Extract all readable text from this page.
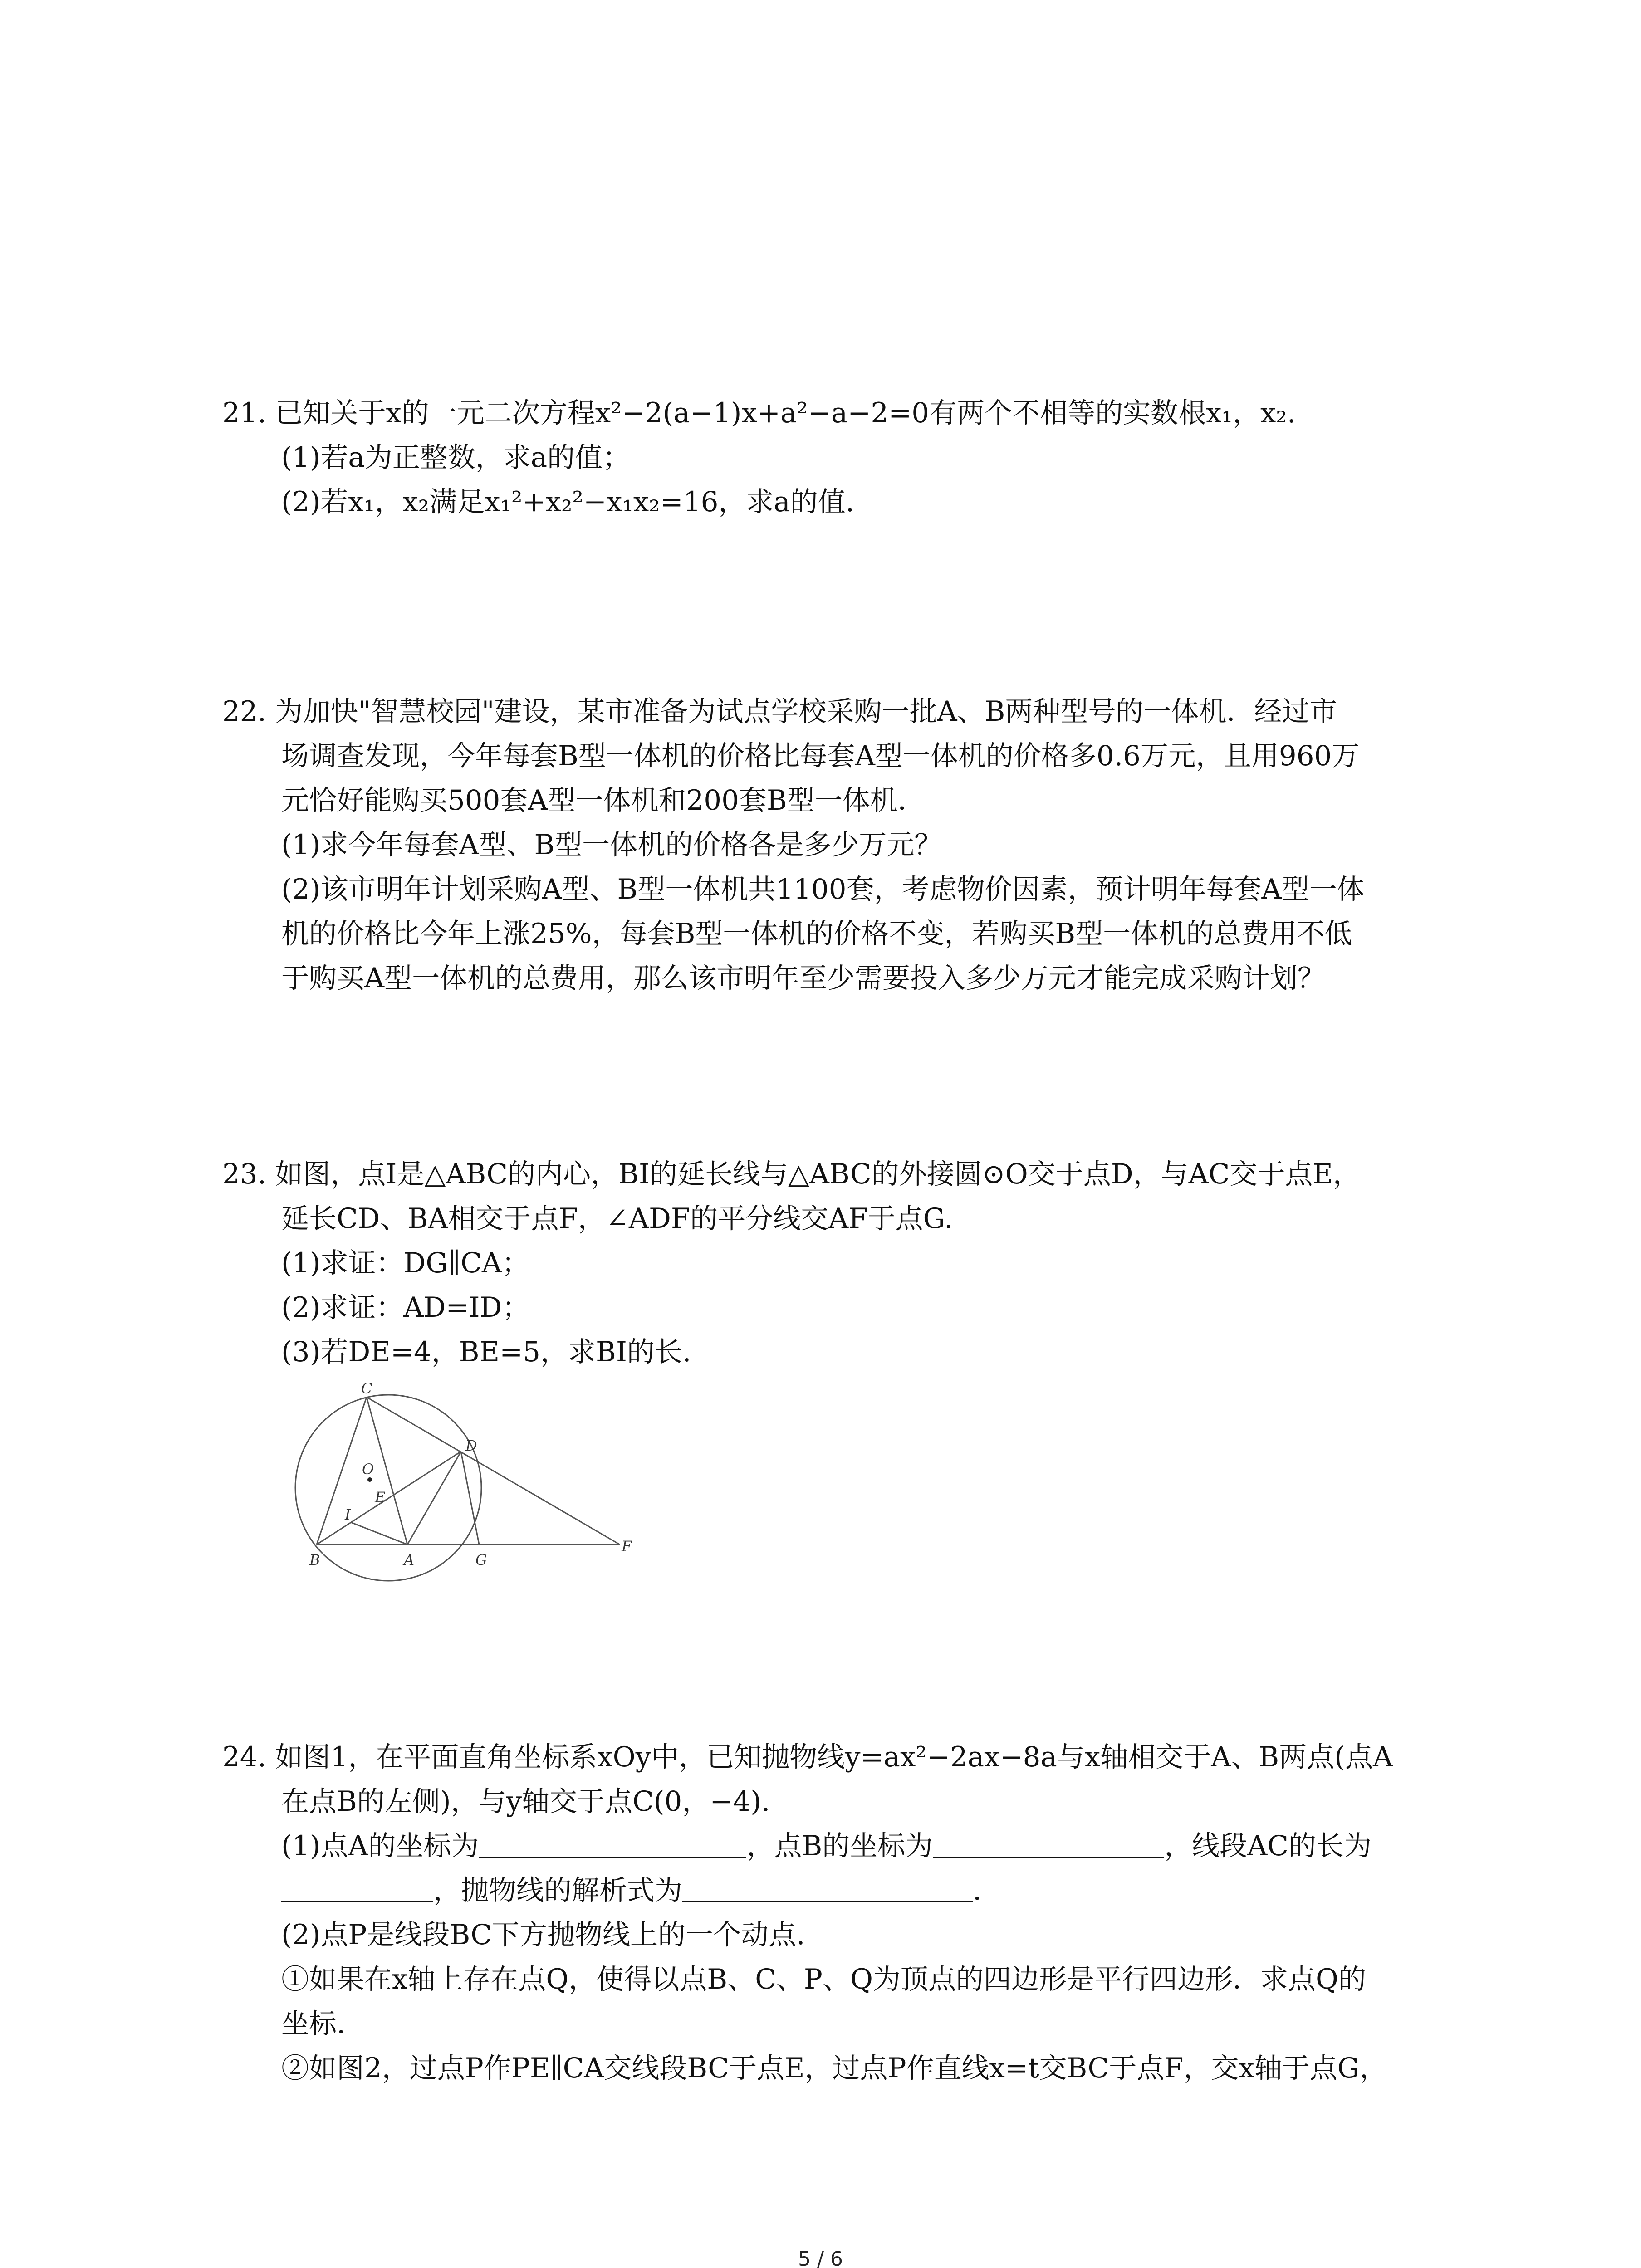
21. 已知关于x的一元二次方程x²−2(a−1)x+a²−a−2=0有两个不相等的实数根x₁，x₂.
(1)若a为正整数，求a的值；
(2)若x₁，x₂满足x₁²+x₂²−x₁x₂=16，求a的值.
22. 为加快"智慧校园"建设，某市准备为试点学校采购一批A、B两种型号的一体机．经过市
场调查发现，今年每套B型一体机的价格比每套A型一体机的价格多0.6万元，且用960万
元恰好能购买500套A型一体机和200套B型一体机．
(1)求今年每套A型、B型一体机的价格各是多少万元？
(2)该市明年计划采购A型、B型一体机共1100套，考虑物价因素，预计明年每套A型一体
机的价格比今年上涨25%，每套B型一体机的价格不变，若购买B型一体机的总费用不低
于购买A型一体机的总费用，那么该市明年至少需要投入多少万元才能完成采购计划？
23. 如图，点I是△ABC的内心，BI的延长线与△ABC的外接圆⊙O交于点D，与AC交于点E，
延长CD、BA相交于点F，∠ADF的平分线交AF于点G.
(1)求证：DG∥CA；
(2)求证：AD=ID；
(3)若DE=4，BE=5，求BI的长.
C
D
O
E
I
B	A	G
F
24. 如图1，在平面直角坐标系xOy中，已知抛物线y=ax²−2ax−8a与x轴相交于A、B两点(点A
在点B的左侧)，与y轴交于点C(0，−4).
(1)点A的坐标为	，点B的坐标为	，线段AC的长为
，抛物线的解析式为	.
(2)点P是线段BC下方抛物线上的一个动点.
①如果在x轴上存在点Q，使得以点B、C、P、Q为顶点的四边形是平行四边形．求点Q的
坐标.
②如图2，过点P作PE∥CA交线段BC于点E，过点P作直线x=t交BC于点F，交x轴于点G，
5 / 6
